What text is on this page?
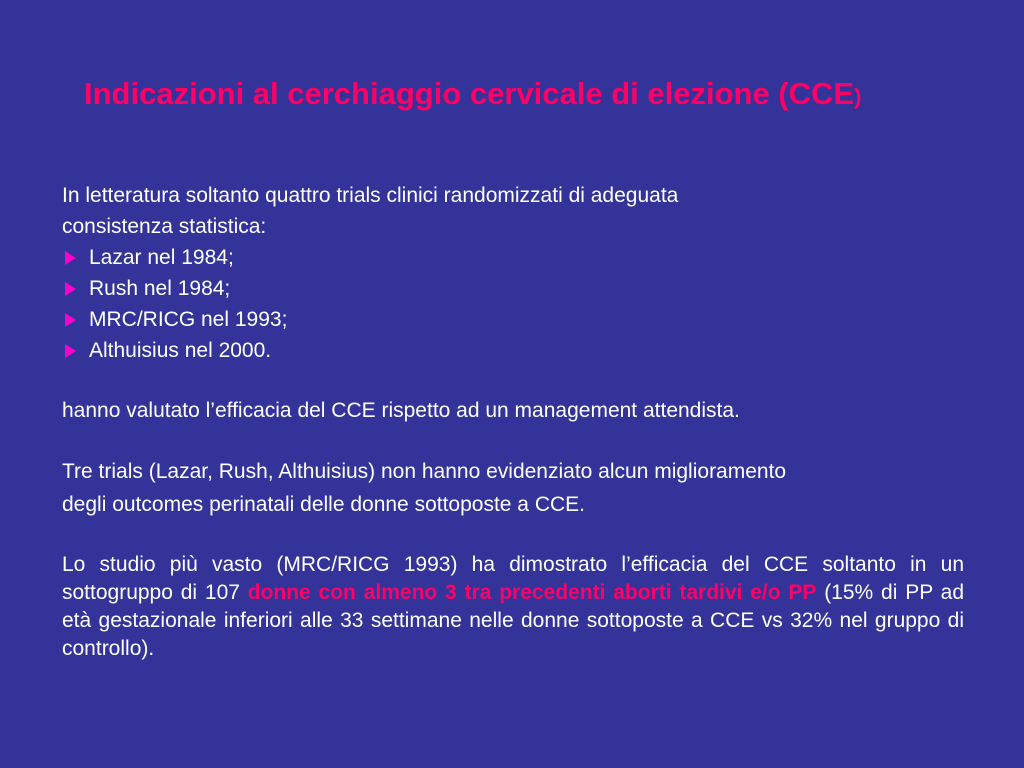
Indicazioni al cerchiaggio cervicale di elezione (CCE)

In letteratura soltanto quattro trials clinici randomizzati di adeguata
consistenza statistica:

Lazar nel 1984;
Rush nel 1984;
MRC/RICG nel 1993;
Althuisius nel 2000.

hanno valutato l’efficacia del CCE rispetto ad un management attendista.

Tre trials (Lazar, Rush, Althuisius) non hanno evidenziato alcun miglioramento
degli outcomes perinatali delle donne sottoposte a CCE.

Lo studio più vasto (MRC/RICG 1993) ha dimostrato l’efficacia del CCE soltanto in un sottogruppo di 107 donne con almeno 3 tra precedenti aborti tardivi e/o PP (15% di PP ad età gestazionale inferiori alle 33 settimane nelle donne sottoposte a CCE vs 32% nel gruppo di controllo).
